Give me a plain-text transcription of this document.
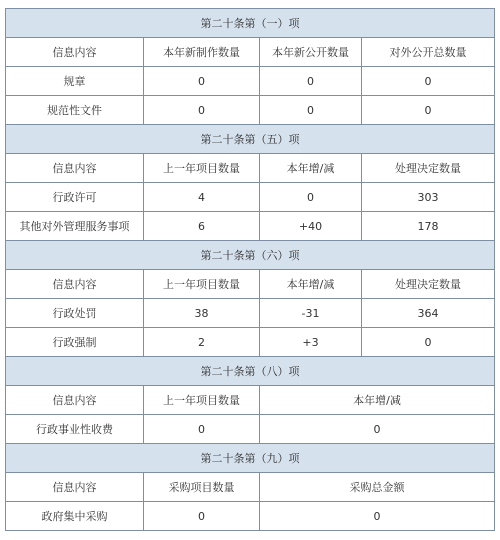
第二十条第（一）项			
信息内容	本年新制作数量	本年新公开数量	对外公开总数量
规章	0	0	0
规范性文件	0	0	0
第二十条第（五）项			
信息内容	上一年项目数量	本年增/减	处理决定数量
行政许可	4	0	303
其他对外管理服务事项	6	+40	178
第二十条第（六）项			
信息内容	上一年项目数量	本年增/减	处理决定数量
行政处罚	38	-31	364
行政强制	2	+3	0
第二十条第（八）项			
信息内容	上一年项目数量	本年增/减	
行政事业性收费	0	0	
第二十条第（九）项			
信息内容	采购项目数量	采购总金额	
政府集中采购	0	0	
